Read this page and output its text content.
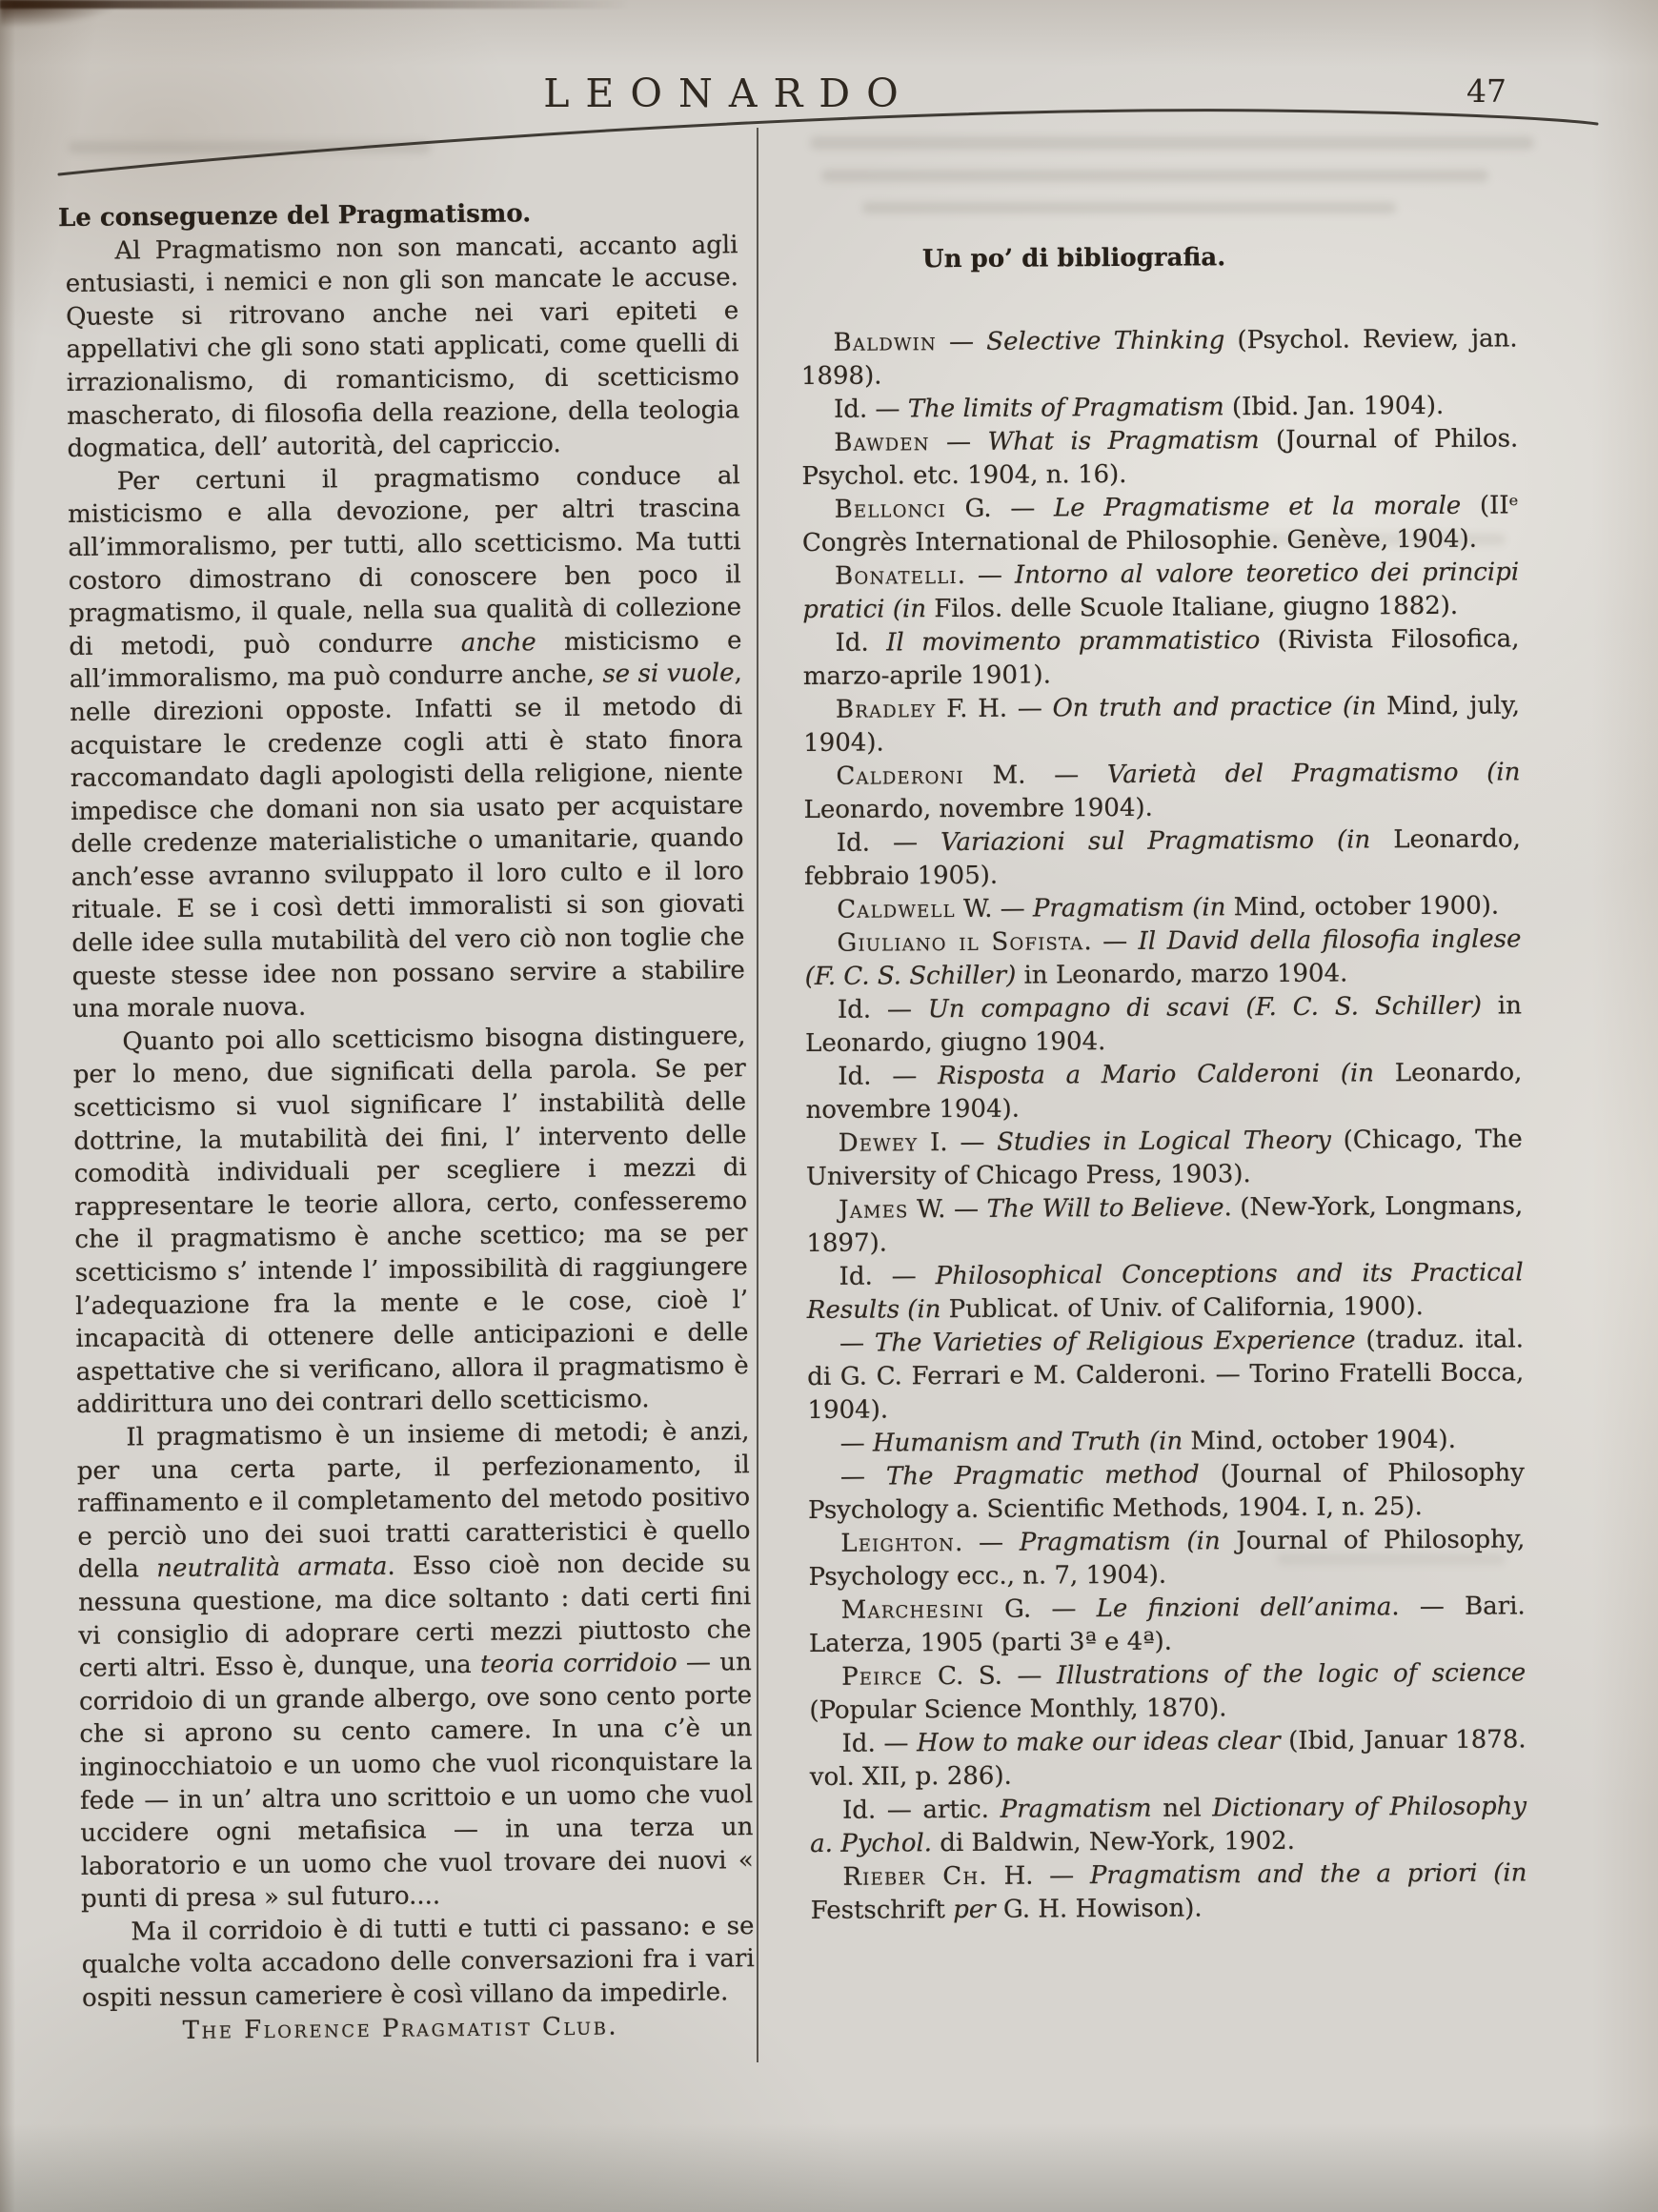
LEONARDO	47

Le conseguenze del Pragmatismo.

Al Pragmatismo non son mancati, accanto agli entusiasti, i nemici e non gli son mancate le accuse. Queste si ritrovano anche nei vari epiteti e appellativi che gli sono stati applicati, come quelli di irrazionalismo, di romanticismo, di scetticismo mascherato, di filosofia della reazione, della teologia dogmatica, dell’ autorità, del capriccio.

Per certuni il pragmatismo conduce al misticismo e alla devozione, per altri trascina all’immoralismo, per tutti, allo scetticismo. Ma tutti costoro dimostrano di conoscere ben poco il pragmatismo, il quale, nella sua qualità di collezione di metodi, può condurre anche misticismo e all’immoralismo, ma può condurre anche, se si vuole, nelle direzioni opposte. Infatti se il metodo di acquistare le credenze cogli atti è stato finora raccomandato dagli apologisti della religione, niente impedisce che domani non sia usato per acquistare delle credenze materialistiche o umanitarie, quando anch’esse avranno sviluppato il loro culto e il loro rituale. E se i così detti immoralisti si son giovati delle idee sulla mutabilità del vero ciò non toglie che queste stesse idee non possano servire a stabilire una morale nuova.

Quanto poi allo scetticismo bisogna distinguere, per lo meno, due significati della parola. Se per scetticismo si vuol significare l’ instabilità delle dottrine, la mutabilità dei fini, l’ intervento delle comodità individuali per scegliere i mezzi di rappresentare le teorie allora, certo, confesseremo che il pragmatismo è anche scettico; ma se per scetticismo s’ intende l’ impossibilità di raggiungere l’adequazione fra la mente e le cose, cioè l’ incapacità di ottenere delle anticipazioni e delle aspettative che si verificano, allora il pragmatismo è addirittura uno dei contrari dello scetticismo.

Il pragmatismo è un insieme di metodi; è anzi, per una certa parte, il perfezionamento, il raffinamento e il completamento del metodo positivo e perciò uno dei suoi tratti caratteristici è quello della neutralità armata. Esso cioè non decide su nessuna questione, ma dice soltanto : dati certi fini vi consiglio di adoprare certi mezzi piuttosto che certi altri. Esso è, dunque, una teoria corridoio — un corridoio di un grande albergo, ove sono cento porte che si aprono su cento camere. In una c’è un inginocchiatoio e un uomo che vuol riconquistare la fede — in un’ altra uno scrittoio e un uomo che vuol uccidere ogni metafisica — in una terza un laboratorio e un uomo che vuol trovare dei nuovi « punti di presa » sul futuro....

Ma il corridoio è di tutti e tutti ci passano: e se qualche volta accadono delle conversazioni fra i vari ospiti nessun cameriere è così villano da impedirle.

The Florence Pragmatist Club.

Un po’ di bibliografia.

Baldwin — Selective Thinking (Psychol. Review, jan. 1898).

Id. — The limits of Pragmatism (Ibid. Jan. 1904).

Bawden — What is Pragmatism (Journal of Philos. Psychol. etc. 1904, n. 16).

Bellonci G. — Le Pragmatisme et la morale (IIᵉ Congrès International de Philosophie. Genève, 1904).

Bonatelli. — Intorno al valore teoretico dei principi pratici (in Filos. delle Scuole Italiane, giugno 1882).

Id. Il movimento prammatistico (Rivista Filosofica, marzo-aprile 1901).

Bradley F. H. — On truth and practice (in Mind, july, 1904).

Calderoni M. — Varietà del Pragmatismo (in Leonardo, novembre 1904).

Id. — Variazioni sul Pragmatismo (in Leonardo, febbraio 1905).

Caldwell W. — Pragmatism (in Mind, october 1900).

Giuliano il Sofista. — Il David della filosofia inglese (F. C. S. Schiller) in Leonardo, marzo 1904.

Id. — Un compagno di scavi (F. C. S. Schiller) in Leonardo, giugno 1904.

Id. — Risposta a Mario Calderoni (in Leonardo, novembre 1904).

Dewey I. — Studies in Logical Theory (Chicago, The University of Chicago Press, 1903).

James W. — The Will to Believe. (New-York, Longmans, 1897).

Id. — Philosophical Conceptions and its Practical Results (in Publicat. of Univ. of California, 1900).

— The Varieties of Religious Experience (traduz. ital. di G. C. Ferrari e M. Calderoni. — Torino Fratelli Bocca, 1904).

— Humanism and Truth (in Mind, october 1904).

— The Pragmatic method (Journal of Philosophy Psychology a. Scientific Methods, 1904. I, n. 25).

Leighton. — Pragmatism (in Journal of Philosophy, Psychology ecc., n. 7, 1904).

Marchesini G. — Le finzioni dell’anima. — Bari. Laterza, 1905 (parti 3ª e 4ª).

Peirce C. S. — Illustrations of the logic of science (Popular Science Monthly, 1870).

Id. — How to make our ideas clear (Ibid, Januar 1878. vol. XII, p. 286).

Id. — artic. Pragmatism nel Dictionary of Philosophy a. Pychol. di Baldwin, New-York, 1902.

Rieber Ch. H. — Pragmatism and the a priori (in Festschrift per G. H. Howison).
